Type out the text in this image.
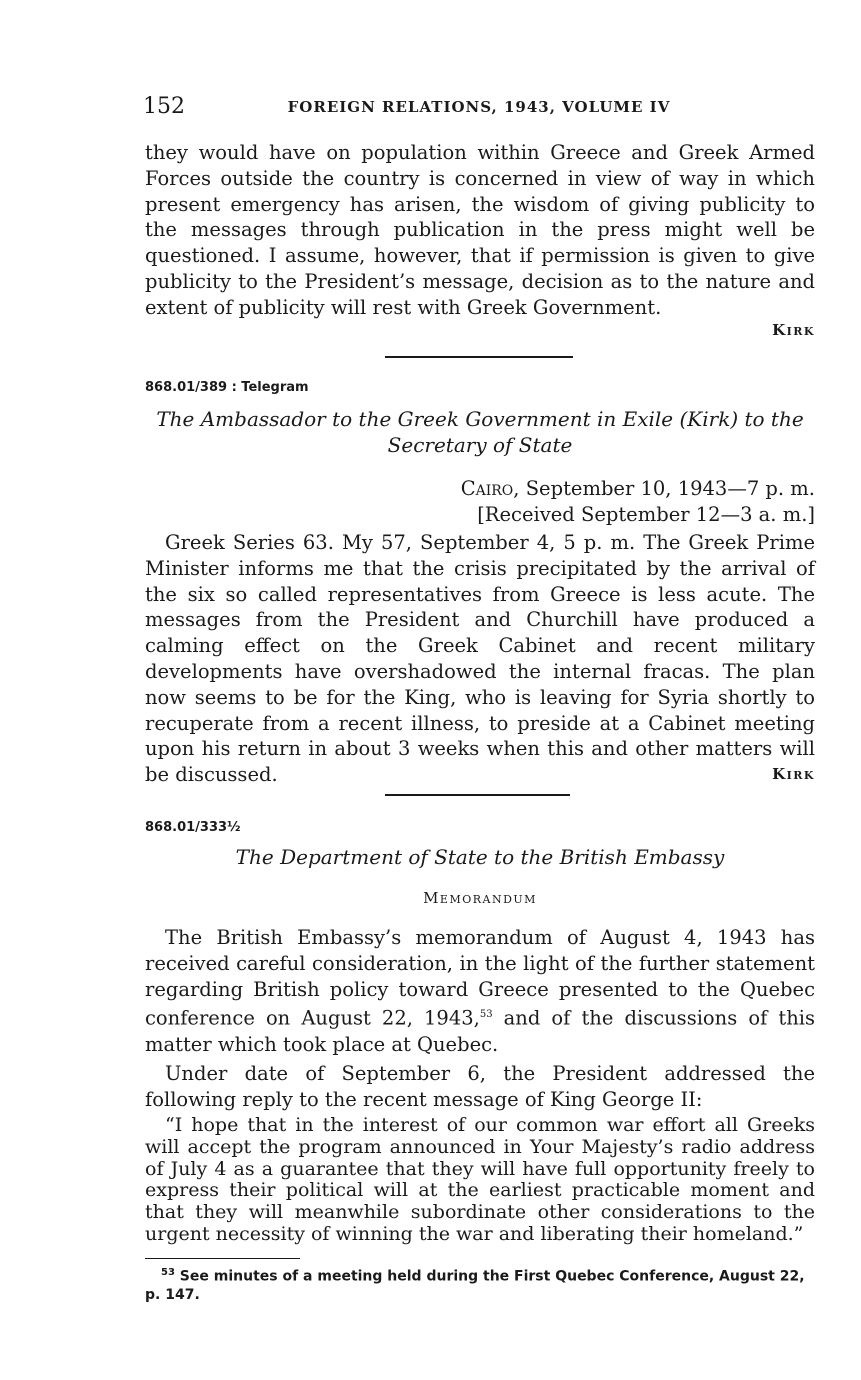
152	FOREIGN RELATIONS, 1943, VOLUME IV

they would have on population within Greece and Greek Armed Forces outside the country is concerned in view of way in which present emergency has arisen, the wisdom of giving publicity to the messages through publication in the press might well be questioned. I assume, however, that if permission is given to give publicity to the President’s message, decision as to the nature and extent of publicity will rest with Greek Government.

Kirk
868.01/389 : Telegram
The Ambassador to the Greek Government in Exile (Kirk) to the
Secretary of State
Cairo, September 10, 1943—7 p. m.
[Received September 12—3 a. m.]

Greek Series 63. My 57, September 4, 5 p. m. The Greek Prime Minister informs me that the crisis precipitated by the arrival of the six so called representatives from Greece is less acute. The messages from the President and Churchill have produced a calming effect on the Greek Cabinet and recent military developments have overshadowed the internal fracas. The plan now seems to be for the King, who is leaving for Syria shortly to recuperate from a recent illness, to preside at a Cabinet meeting upon his return in about 3 weeks when this and other matters will be discussed.	Kirk
868.01/333½
The Department of State to the British Embassy
Memorandum

The British Embassy’s memorandum of August 4, 1943 has received careful consideration, in the light of the further statement regarding British policy toward Greece presented to the Quebec conference on August 22, 1943,53 and of the discussions of this matter which took place at Quebec.

Under date of September 6, the President addressed the following reply to the recent message of King George II:

“I hope that in the interest of our common war effort all Greeks will accept the program announced in Your Majesty’s radio address of July 4 as a guarantee that they will have full opportunity freely to express their political will at the earliest practicable moment and that they will meanwhile subordinate other considerations to the urgent necessity of winning the war and liberating their homeland.”

$^{53}$ See minutes of a meeting held during the First Quebec Conference, August 22, p. 147.
